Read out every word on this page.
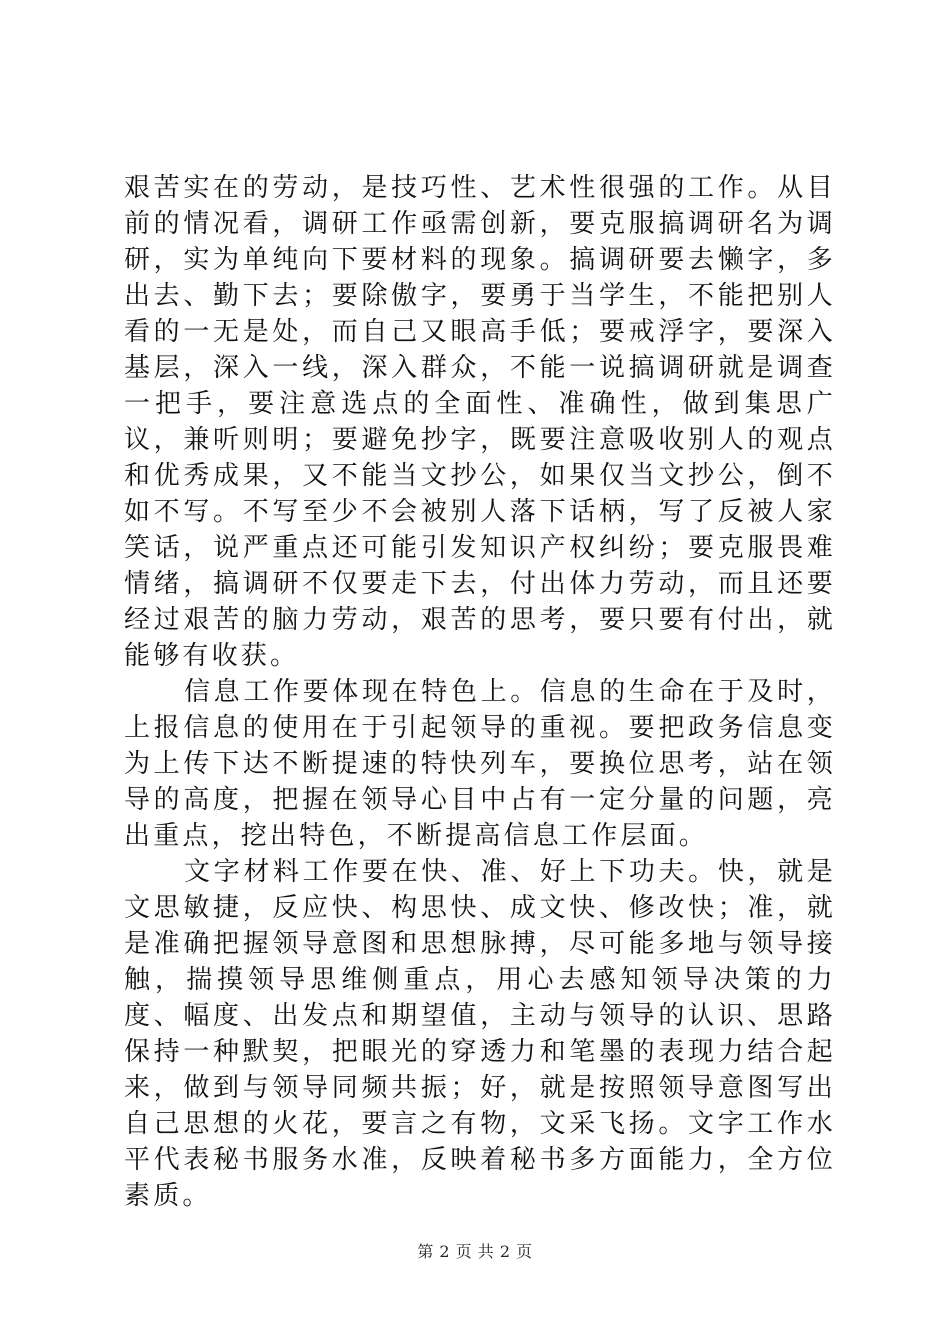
艰苦实在的劳动，是技巧性、艺术性很强的工作。从目前的情况看，调研工作亟需创新，要克服搞调研名为调研，实为单纯向下要材料的现象。搞调研要去懒字，多出去、勤下去；要除傲字，要勇于当学生，不能把别人看的一无是处，而自己又眼高手低；要戒浮字，要深入基层，深入一线，深入群众，不能一说搞调研就是调查一把手，要注意选点的全面性、准确性，做到集思广议，兼听则明；要避免抄字，既要注意吸收别人的观点和优秀成果，又不能当文抄公，如果仅当文抄公，倒不如不写。不写至少不会被别人落下话柄，写了反被人家笑话，说严重点还可能引发知识产权纠纷；要克服畏难情绪，搞调研不仅要走下去，付出体力劳动，而且还要经过艰苦的脑力劳动，艰苦的思考，要只要有付出，就能够有收获。

信息工作要体现在特色上。信息的生命在于及时，上报信息的使用在于引起领导的重视。要把政务信息变为上传下达不断提速的特快列车，要换位思考，站在领导的高度，把握在领导心目中占有一定分量的问题，亮出重点，挖出特色，不断提高信息工作层面。

文字材料工作要在快、准、好上下功夫。快，就是文思敏捷，反应快、构思快、成文快、修改快；准，就是准确把握领导意图和思想脉搏，尽可能多地与领导接触，揣摸领导思维侧重点，用心去感知领导决策的力度、幅度、出发点和期望值，主动与领导的认识、思路保持一种默契，把眼光的穿透力和笔墨的表现力结合起来，做到与领导同频共振；好，就是按照领导意图写出自己思想的火花，要言之有物，文采飞扬。文字工作水平代表秘书服务水准，反映着秘书多方面能力，全方位素质。

第 2 页 共 2 页
